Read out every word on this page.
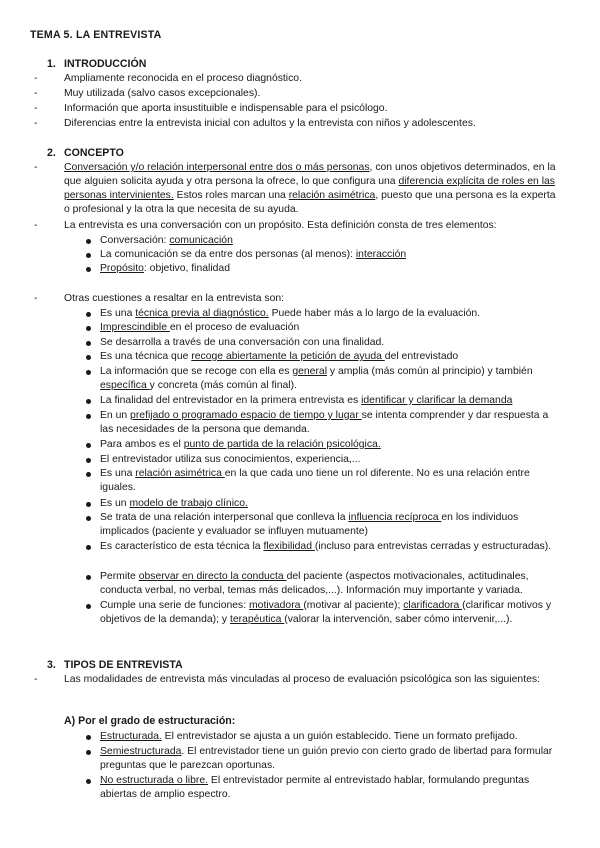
TEMA 5. LA ENTREVISTA
1. INTRODUCCIÓN
-	Ampliamente reconocida en el proceso diagnóstico.
-	Muy utilizada (salvo casos excepcionales).
-	Información que aporta insustituible e indispensable para el psicólogo.
-	Diferencias entre la entrevista inicial con adultos y la entrevista con niños y adolescentes.
2. CONCEPTO
-	Conversación y/o relación interpersonal entre dos o más personas, con unos objetivos determinados, en la que alguien solicita ayuda y otra persona la ofrece, lo que configura una diferencia explícita de roles en las personas intervinientes. Estos roles marcan una relación asimétrica, puesto que una persona es la experta o profesional y la otra la que necesita de su ayuda.
-	La entrevista es una conversación con un propósito. Esta definición consta de tres elementos:
Conversación: comunicación
La comunicación se da entre dos personas (al menos): interacción
Propósito: objetivo, finalidad
-	Otras cuestiones a resaltar en la entrevista son:
Es una técnica previa al diagnóstico. Puede haber más a lo largo de la evaluación.
Imprescindible en el proceso de evaluación
Se desarrolla a través de una conversación con una finalidad.
Es una técnica que recoge abiertamente la petición de ayuda del entrevistado
La información que se recoge con ella es general y amplia (más común al principio) y también específica y concreta (más común al final).
La finalidad del entrevistador en la primera entrevista es identificar y clarificar la demanda
En un prefijado o programado espacio de tiempo y lugar se intenta comprender y dar respuesta a las necesidades de la persona que demanda.
Para ambos es el punto de partida de la relación psicológica.
El entrevistador utiliza sus conocimientos, experiencia,...
Es una relación asimétrica en la que cada uno tiene un rol diferente. No es una relación entre iguales.
Es un modelo de trabajo clínico.
Se trata de una relación interpersonal que conlleva la influencia recíproca en los individuos implicados (paciente y evaluador se influyen mutuamente)
Es característico de esta técnica la flexibilidad (incluso para entrevistas cerradas y estructuradas).
Permite observar en directo la conducta del paciente (aspectos motivacionales, actitudinales, conducta verbal, no verbal, temas más delicados,...). Información muy importante y variada.
Cumple una serie de funciones: motivadora (motivar al paciente); clarificadora (clarificar motivos y objetivos de la demanda); y terapéutica (valorar la intervención, saber cómo intervenir,...).
3. TIPOS DE ENTREVISTA
-	Las modalidades de entrevista más vinculadas al proceso de evaluación psicológica son las siguientes:
A) Por el grado de estructuración:
Estructurada. El entrevistador se ajusta a un guión establecido. Tiene un formato prefijado.
Semiestructurada. El entrevistador tiene un guión previo con cierto grado de libertad para formular preguntas que le parezcan oportunas.
No estructurada o libre. El entrevistador permite al entrevistado hablar, formulando preguntas abiertas de amplio espectro.
